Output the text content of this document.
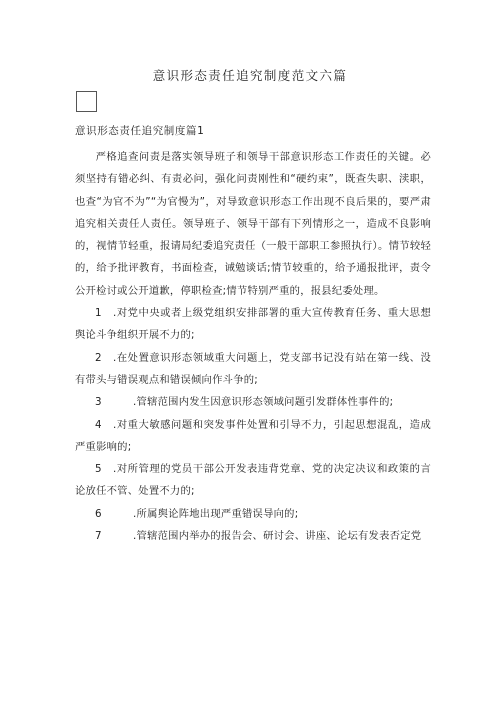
意识形态责任追究制度范文六篇
意识形态责任追究制度篇1

严格追查问责是落实领导班子和领导干部意识形态工作责任的关键。必须坚持有错必纠、有责必问，强化问责刚性和“硬约束”，既查失职、渎职，也查“为官不为”“为官慢为”，对导致意识形态工作出现不良后果的，要严肃追究相关责任人责任。领导班子、领导干部有下列情形之一，造成不良影响的，视情节轻重，报请局纪委追究责任（一般干部职工参照执行）。情节较轻的，给予批评教育，书面检查，诫勉谈话;情节较重的，给予通报批评，责令公开检讨或公开道歉，停职检查;情节特别严重的，报县纪委处理。

1 .对党中央或者上级党组织安排部署的重大宣传教育任务、重大思想舆论斗争组织开展不力的;

2 .在处置意识形态领域重大问题上，党支部书记没有站在第一线、没有带头与错误观点和错误倾向作斗争的;

3	.管辖范围内发生因意识形态领域问题引发群体性事件的;

4 .对重大敏感问题和突发事件处置和引导不力，引起思想混乱，造成严重影响的;

5 .对所管理的党员干部公开发表违背党章、党的决定决议和政策的言论放任不管、处置不力的;

6	.所属舆论阵地出现严重错误导向的;

7	.管辖范围内举办的报告会、研讨会、讲座、论坛有发表否定党
